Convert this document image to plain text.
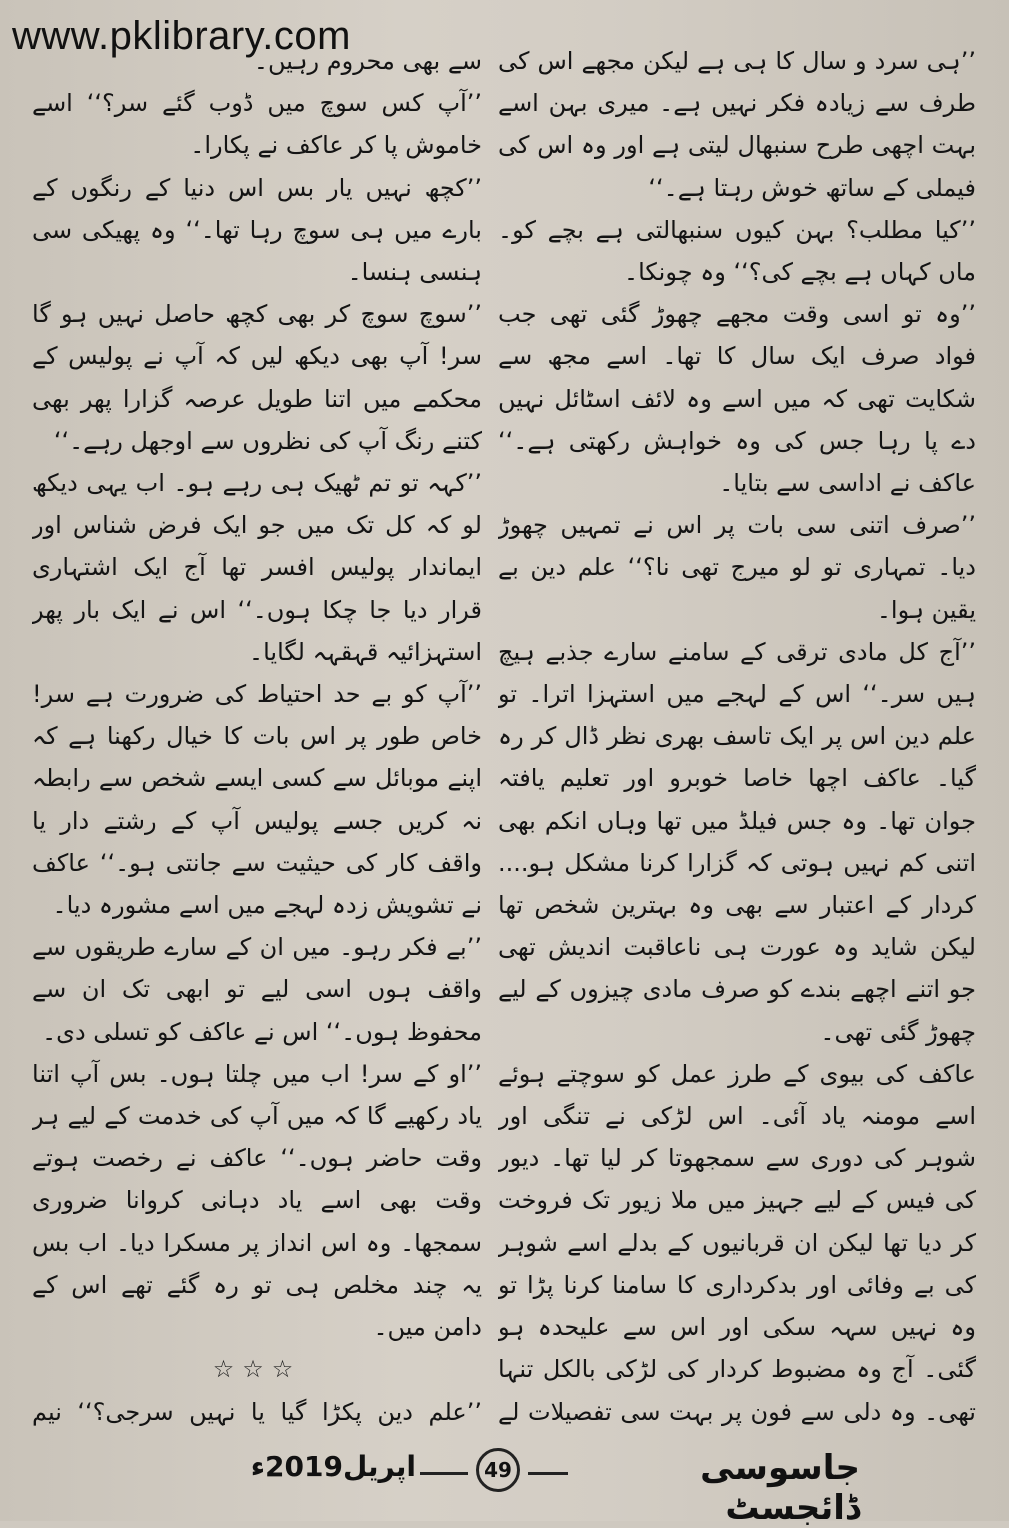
www.pklibrary.com

’’ہی سرد و سال کا ہی ہے لیکن مجھے اس کی طرف سے زیادہ فکر نہیں ہے۔ میری بہن اسے بہت اچھی طرح سنبھال لیتی ہے اور وہ اس کی فیملی کے ساتھ خوش رہتا ہے۔‘‘

’’کیا مطلب؟ بہن کیوں سنبھالتی ہے بچے کو۔ ماں کہاں ہے بچے کی؟‘‘ وہ چونکا۔

’’وہ تو اسی وقت مجھے چھوڑ گئی تھی جب فواد صرف ایک سال کا تھا۔ اسے مجھ سے شکایت تھی کہ میں اسے وہ لائف اسٹائل نہیں دے پا رہا جس کی وہ خواہش رکھتی ہے۔‘‘ عاکف نے اداسی سے بتایا۔

’’صرف اتنی سی بات پر اس نے تمہیں چھوڑ دیا۔ تمہاری تو لو میرج تھی نا؟‘‘ علم دین بے یقین ہوا۔

’’آج کل مادی ترقی کے سامنے سارے جذبے ہیچ ہیں سر۔‘‘ اس کے لہجے میں استہزا اترا۔ تو علم دین اس پر ایک تاسف بھری نظر ڈال کر رہ گیا۔ عاکف اچھا خاصا خوبرو اور تعلیم یافتہ جوان تھا۔ وہ جس فیلڈ میں تھا وہاں انکم بھی اتنی کم نہیں ہوتی کہ گزارا کرنا مشکل ہو.... کردار کے اعتبار سے بھی وہ بہترین شخص تھا لیکن شاید وہ عورت ہی ناعاقبت اندیش تھی جو اتنے اچھے بندے کو صرف مادی چیزوں کے لیے چھوڑ گئی تھی۔

عاکف کی بیوی کے طرز عمل کو سوچتے ہوئے اسے مومنہ یاد آئی۔ اس لڑکی نے تنگی اور شوہر کی دوری سے سمجھوتا کر لیا تھا۔ دیور کی فیس کے لیے جہیز میں ملا زیور تک فروخت کر دیا تھا لیکن ان قربانیوں کے بدلے اسے شوہر کی بے وفائی اور بدکرداری کا سامنا کرنا پڑا تو وہ نہیں سہہ سکی اور اس سے علیحدہ ہو گئی۔ آج وہ مضبوط کردار کی لڑکی بالکل تنہا تھی۔ وہ دلی سے فون پر بہت سی تفصیلات لے

سے بھی محروم رہیں۔

’’آپ کس سوچ میں ڈوب گئے سر؟‘‘ اسے خاموش پا کر عاکف نے پکارا۔

’’کچھ نہیں یار بس اس دنیا کے رنگوں کے بارے میں ہی سوچ رہا تھا۔‘‘ وہ پھیکی سی ہنسی ہنسا۔

’’سوچ سوچ کر بھی کچھ حاصل نہیں ہو گا سر! آپ بھی دیکھ لیں کہ آپ نے پولیس کے محکمے میں اتنا طویل عرصہ گزارا پھر بھی کتنے رنگ آپ کی نظروں سے اوجھل رہے۔‘‘

’’کہہ تو تم ٹھیک ہی رہے ہو۔ اب یہی دیکھ لو کہ کل تک میں جو ایک فرض شناس اور ایماندار پولیس افسر تھا آج ایک اشتہاری قرار دیا جا چکا ہوں۔‘‘ اس نے ایک بار پھر استہزائیہ قہقہہ لگایا۔

’’آپ کو بے حد احتیاط کی ضرورت ہے سر! خاص طور پر اس بات کا خیال رکھنا ہے کہ اپنے موبائل سے کسی ایسے شخص سے رابطہ نہ کریں جسے پولیس آپ کے رشتے دار یا واقف کار کی حیثیت سے جانتی ہو۔‘‘ عاکف نے تشویش زدہ لہجے میں اسے مشورہ دیا۔

’’بے فکر رہو۔ میں ان کے سارے طریقوں سے واقف ہوں اسی لیے تو ابھی تک ان سے محفوظ ہوں۔‘‘ اس نے عاکف کو تسلی دی۔

’’او کے سر! اب میں چلتا ہوں۔ بس آپ اتنا یاد رکھیے گا کہ میں آپ کی خدمت کے لیے ہر وقت حاضر ہوں۔‘‘ عاکف نے رخصت ہوتے وقت بھی اسے یاد دہانی کروانا ضروری سمجھا۔ وہ اس انداز پر مسکرا دیا۔ اب بس یہ چند مخلص ہی تو رہ گئے تھے اس کے دامن میں۔

☆☆☆

’’علم دین پکڑا گیا یا نہیں سرجی؟‘‘ نیم

جاسوسی ڈائجسٹ
49
اپریل2019ء
